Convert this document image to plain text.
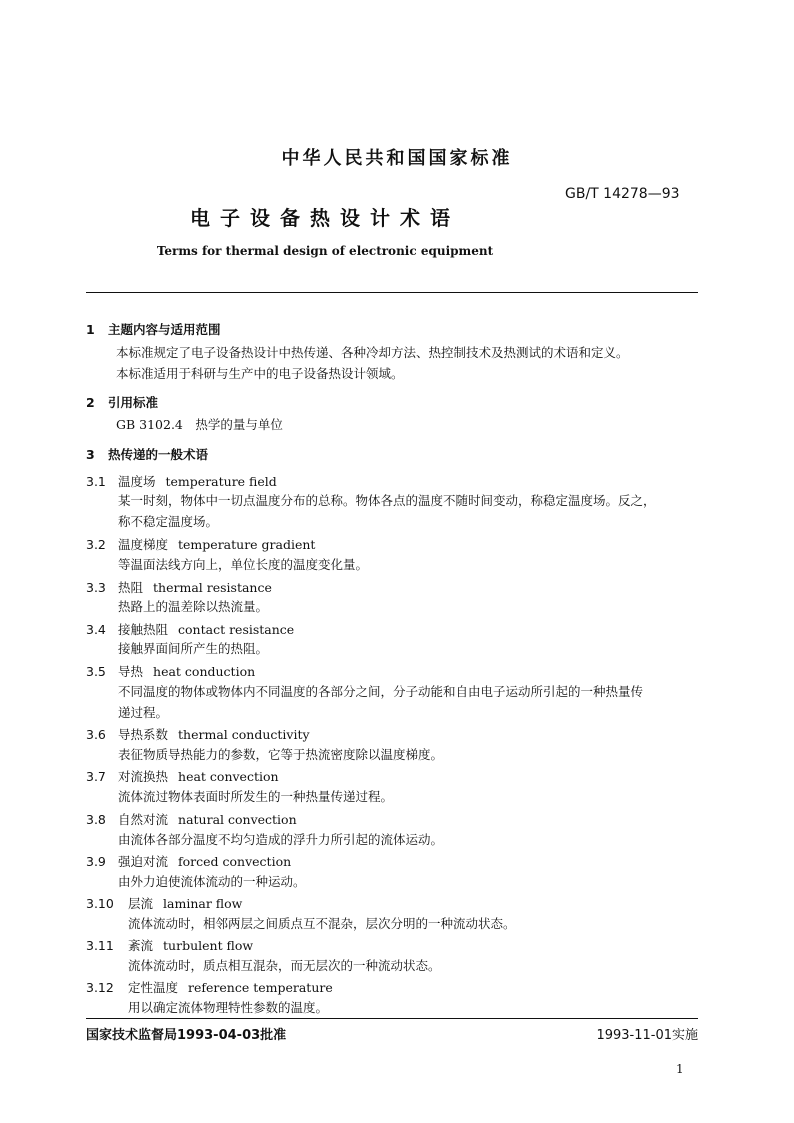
中华人民共和国国家标准
GB/T 14278—93
电子设备热设计术语
Terms for thermal design of electronic equipment
1 主题内容与适用范围
本标准规定了电子设备热设计中热传递、各种冷却方法、热控制技术及热测试的术语和定义。
本标准适用于科研与生产中的电子设备热设计领域。
2 引用标准
GB 3102.4　热学的量与单位
3 热传递的一般术语
3.1 温度场 temperature field
某一时刻，物体中一切点温度分布的总称。物体各点的温度不随时间变动，称稳定温度场。反之，
称不稳定温度场。
3.2 温度梯度 temperature gradient
等温面法线方向上，单位长度的温度变化量。
3.3 热阻 thermal resistance
热路上的温差除以热流量。
3.4 接触热阻 contact resistance
接触界面间所产生的热阻。
3.5 导热 heat conduction
不同温度的物体或物体内不同温度的各部分之间，分子动能和自由电子运动所引起的一种热量传
递过程。
3.6 导热系数 thermal conductivity
表征物质导热能力的参数，它等于热流密度除以温度梯度。
3.7 对流换热 heat convection
流体流过物体表面时所发生的一种热量传递过程。
3.8 自然对流 natural convection
由流体各部分温度不均匀造成的浮升力所引起的流体运动。
3.9 强迫对流 forced convection
由外力迫使流体流动的一种运动。
3.10 层流 laminar flow
流体流动时，相邻两层之间质点互不混杂，层次分明的一种流动状态。
3.11 紊流 turbulent flow
流体流动时，质点相互混杂，而无层次的一种流动状态。
3.12 定性温度 reference temperature
用以确定流体物理特性参数的温度。
国家技术监督局1993-04-03批准	1993-11-01实施
1
